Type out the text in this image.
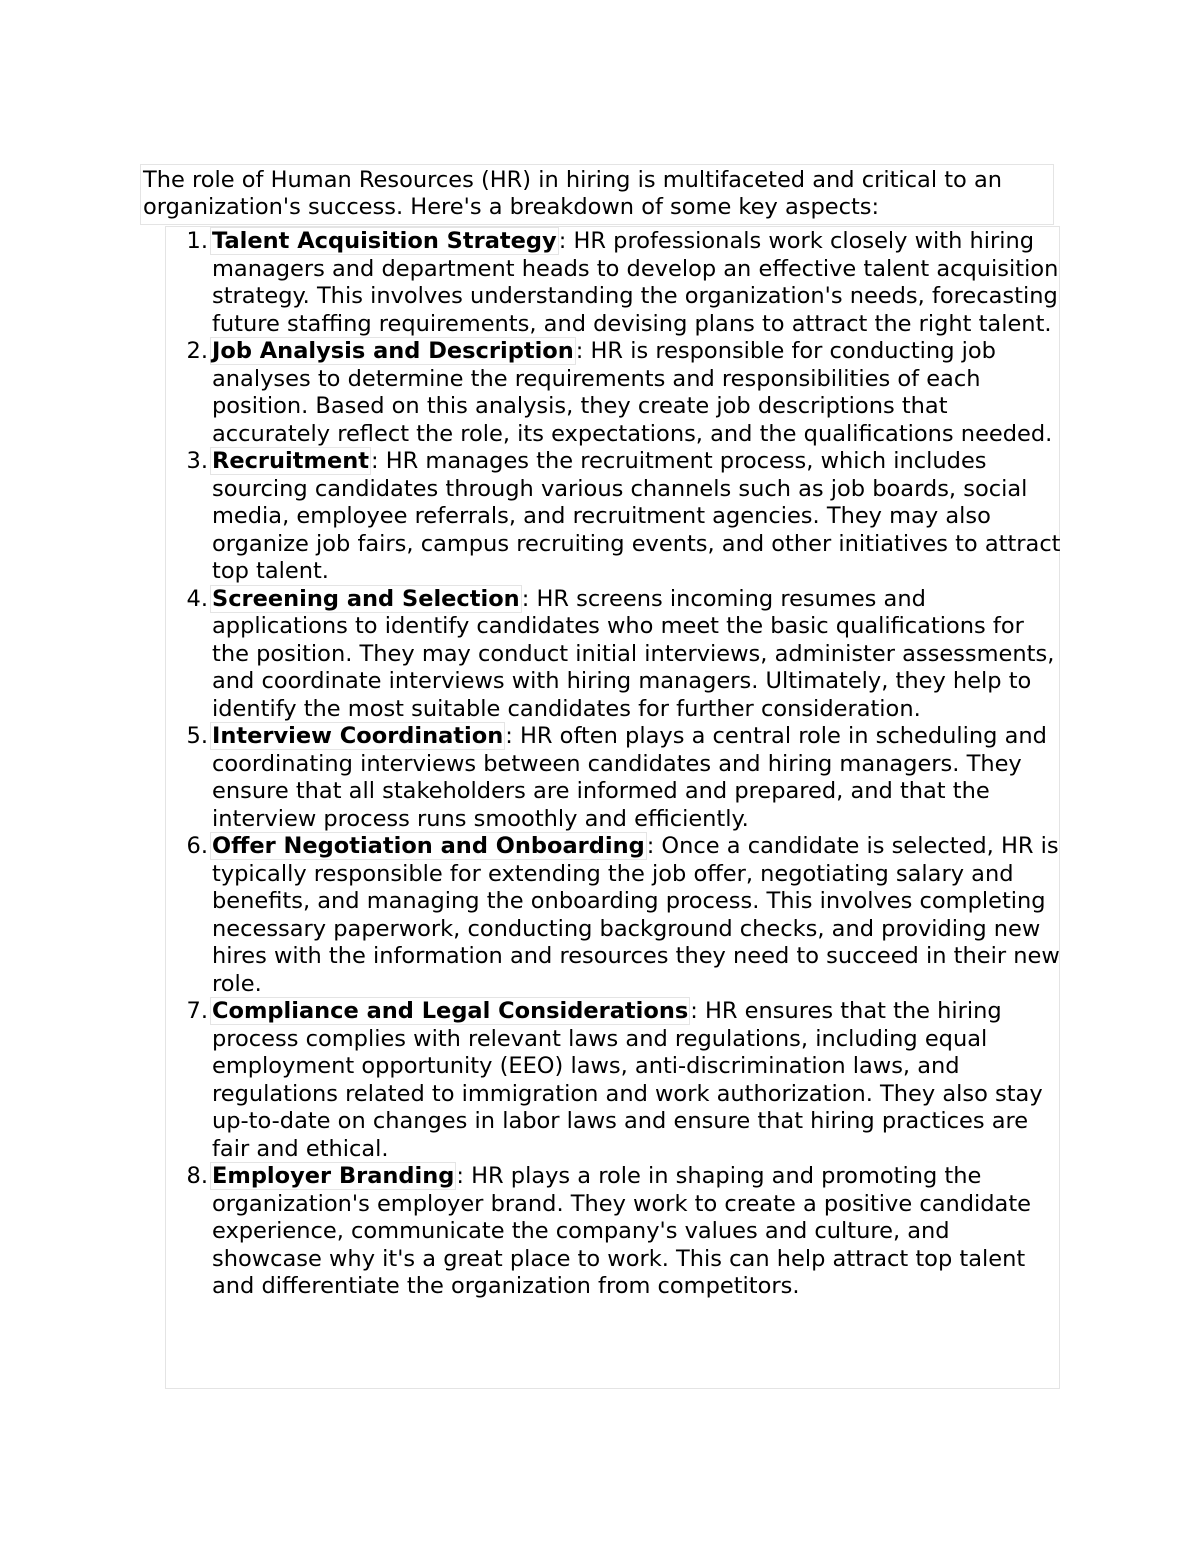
The role of Human Resources (HR) in hiring is multifaceted and critical to an organization's success. Here's a breakdown of some key aspects:

1. Talent Acquisition Strategy: HR professionals work closely with hiring managers and department heads to develop an effective talent acquisition strategy. This involves understanding the organization's needs, forecasting future staffing requirements, and devising plans to attract the right talent.
2. Job Analysis and Description: HR is responsible for conducting job analyses to determine the requirements and responsibilities of each position. Based on this analysis, they create job descriptions that accurately reflect the role, its expectations, and the qualifications needed.
3. Recruitment: HR manages the recruitment process, which includes sourcing candidates through various channels such as job boards, social media, employee referrals, and recruitment agencies. They may also organize job fairs, campus recruiting events, and other initiatives to attract top talent.
4. Screening and Selection: HR screens incoming resumes and applications to identify candidates who meet the basic qualifications for the position. They may conduct initial interviews, administer assessments, and coordinate interviews with hiring managers. Ultimately, they help to identify the most suitable candidates for further consideration.
5. Interview Coordination: HR often plays a central role in scheduling and coordinating interviews between candidates and hiring managers. They ensure that all stakeholders are informed and prepared, and that the interview process runs smoothly and efficiently.
6. Offer Negotiation and Onboarding: Once a candidate is selected, HR is typically responsible for extending the job offer, negotiating salary and benefits, and managing the onboarding process. This involves completing necessary paperwork, conducting background checks, and providing new hires with the information and resources they need to succeed in their new role.
7. Compliance and Legal Considerations: HR ensures that the hiring process complies with relevant laws and regulations, including equal employment opportunity (EEO) laws, anti-discrimination laws, and regulations related to immigration and work authorization. They also stay up-to-date on changes in labor laws and ensure that hiring practices are fair and ethical.
8. Employer Branding: HR plays a role in shaping and promoting the organization's employer brand. They work to create a positive candidate experience, communicate the company's values and culture, and showcase why it's a great place to work. This can help attract top talent and differentiate the organization from competitors.
